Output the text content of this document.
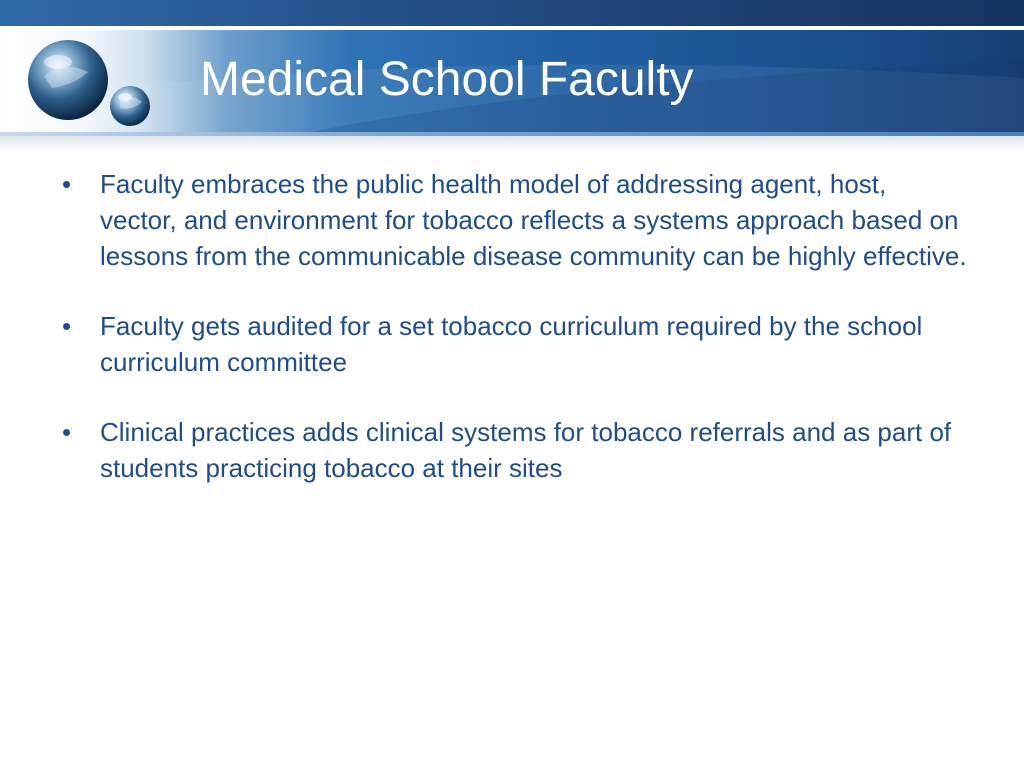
Medical School Faculty
• Faculty embraces the public health model of addressing agent, host, vector, and environment for tobacco reflects a systems approach based on lessons from the communicable disease community can be highly effective.
• Faculty gets audited for a set tobacco curriculum required by the school curriculum committee
• Clinical practices adds clinical systems for tobacco referrals and as part of students practicing tobacco at their sites
